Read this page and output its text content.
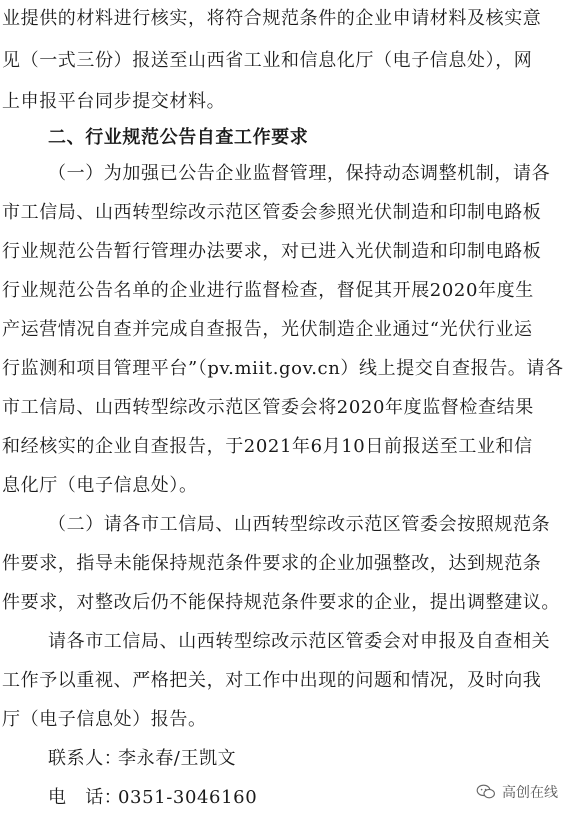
业提供的材料进行核实，将符合规范条件的企业申请材料及核实意
见（一式三份）报送至山西省工业和信息化厅（电子信息处），网
上申报平台同步提交材料。
二、行业规范公告自查工作要求
（一）为加强已公告企业监督管理，保持动态调整机制，请各
市工信局、山西转型综改示范区管委会参照光伏制造和印制电路板
行业规范公告暂行管理办法要求，对已进入光伏制造和印制电路板
行业规范公告名单的企业进行监督检查，督促其开展2020年度生
产运营情况自查并完成自查报告，光伏制造企业通过“光伏行业运
行监测和项目管理平台”（pv.miit.gov.cn）线上提交自查报告。请各
市工信局、山西转型综改示范区管委会将2020年度监督检查结果
和经核实的企业自查报告，于2021年6月10日前报送至工业和信
息化厅（电子信息处）。
（二）请各市工信局、山西转型综改示范区管委会按照规范条
件要求，指导未能保持规范条件要求的企业加强整改，达到规范条
件要求，对整改后仍不能保持规范条件要求的企业，提出调整建议。
请各市工信局、山西转型综改示范区管委会对申报及自查相关
工作予以重视、严格把关，对工作中出现的问题和情况，及时向我
厅（电子信息处）报告。
联系人：李永春/王凯文
电　话：0351-3046160	高创在线
